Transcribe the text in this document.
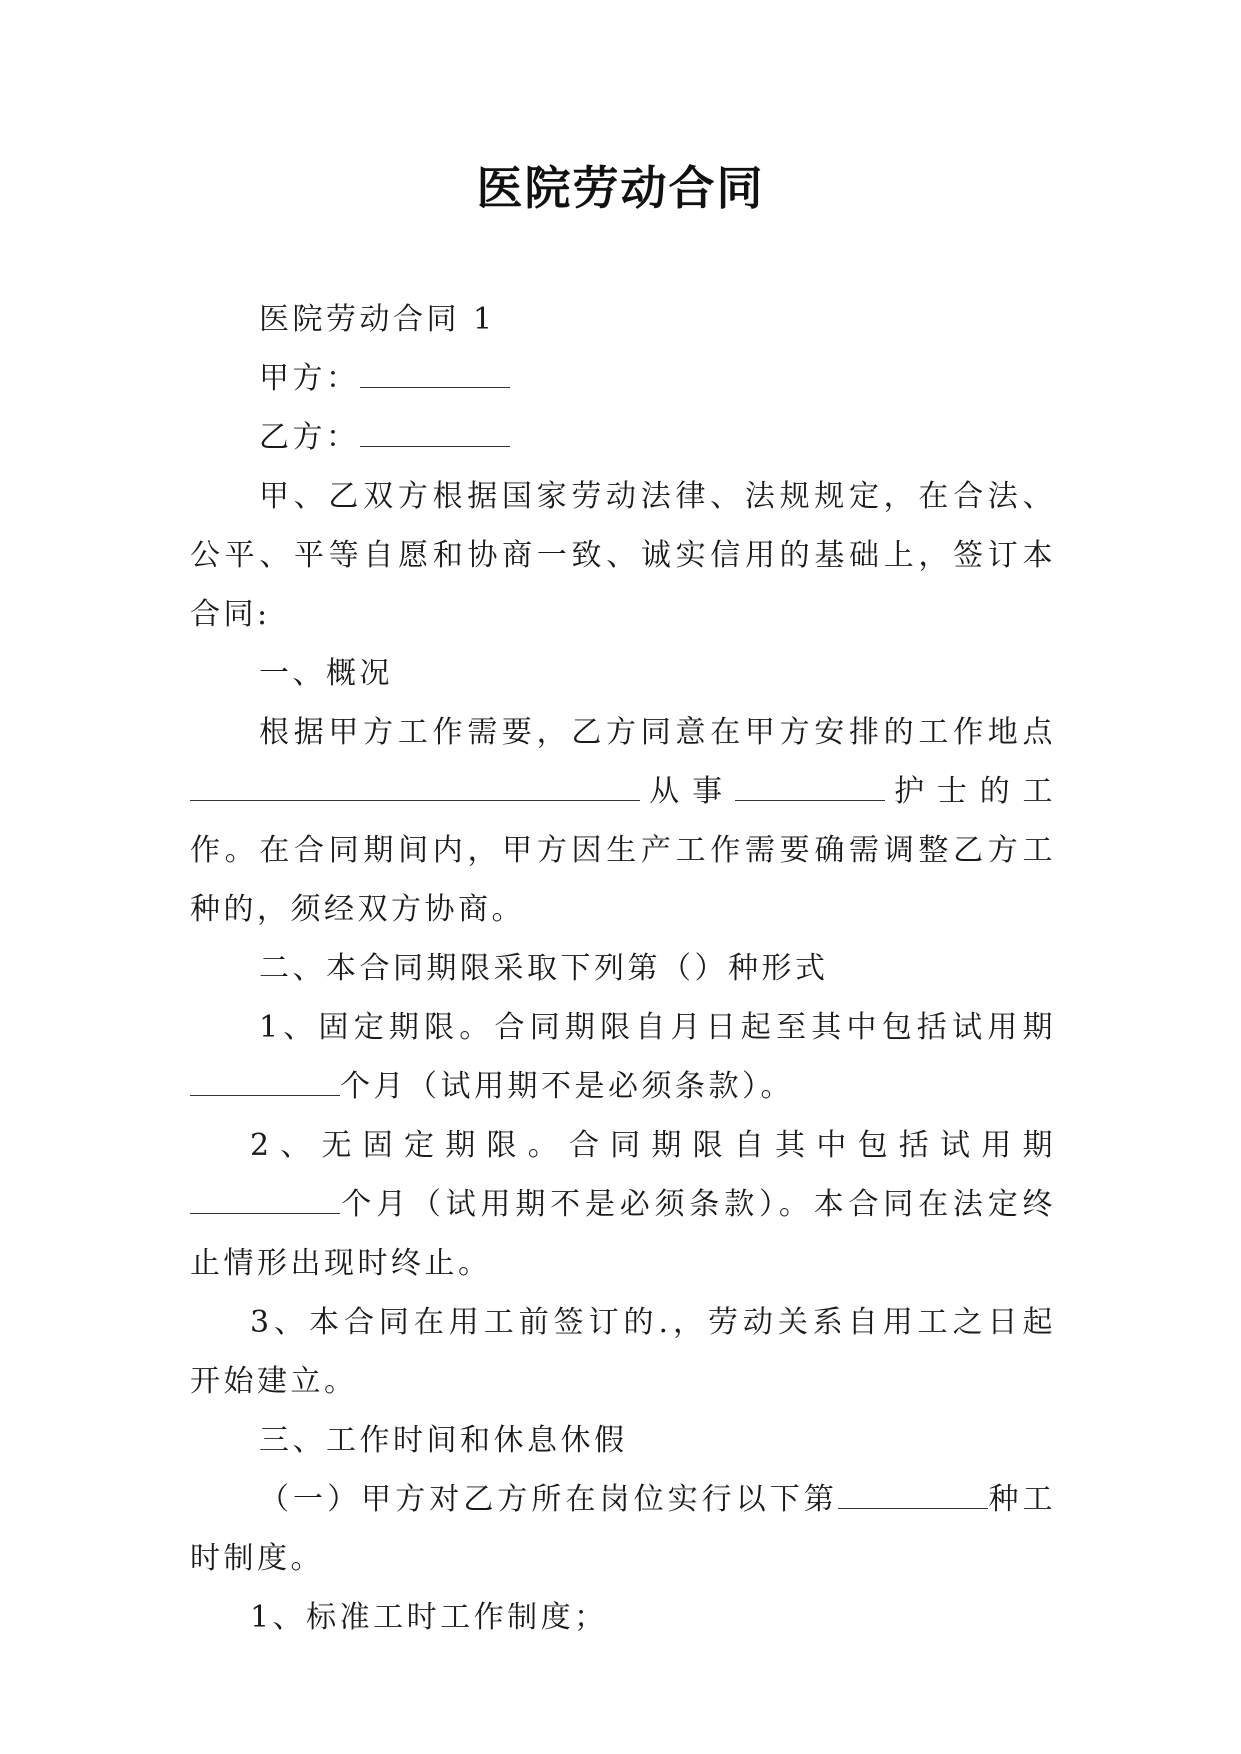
医院劳动合同

医院劳动合同 1

甲方：

乙方：

甲、乙双方根据国家劳动法律、法规规定，在合法、公平、平等自愿和协商一致、诚实信用的基础上，签订本合同:

一、概况

根据甲方工作需要，乙方同意在甲方安排的工作地点从事	护士的工作。在合同期间内，甲方因生产工作需要确需调整乙方工种的，须经双方协商。

二、本合同期限采取下列第（）种形式

1、固定期限。合同期限自月日起至其中包括试用期个月（试用期不是必须条款）。

2、无固定期限。合同期限自其中包括试用期个月（试用期不是必须条款）。本合同在法定终止情形出现时终止。

3、本合同在用工前签订的.，劳动关系自用工之日起开始建立。

三、工作时间和休息休假

（一）甲方对乙方所在岗位实行以下第	种工时制度。

1、标准工时工作制度；
